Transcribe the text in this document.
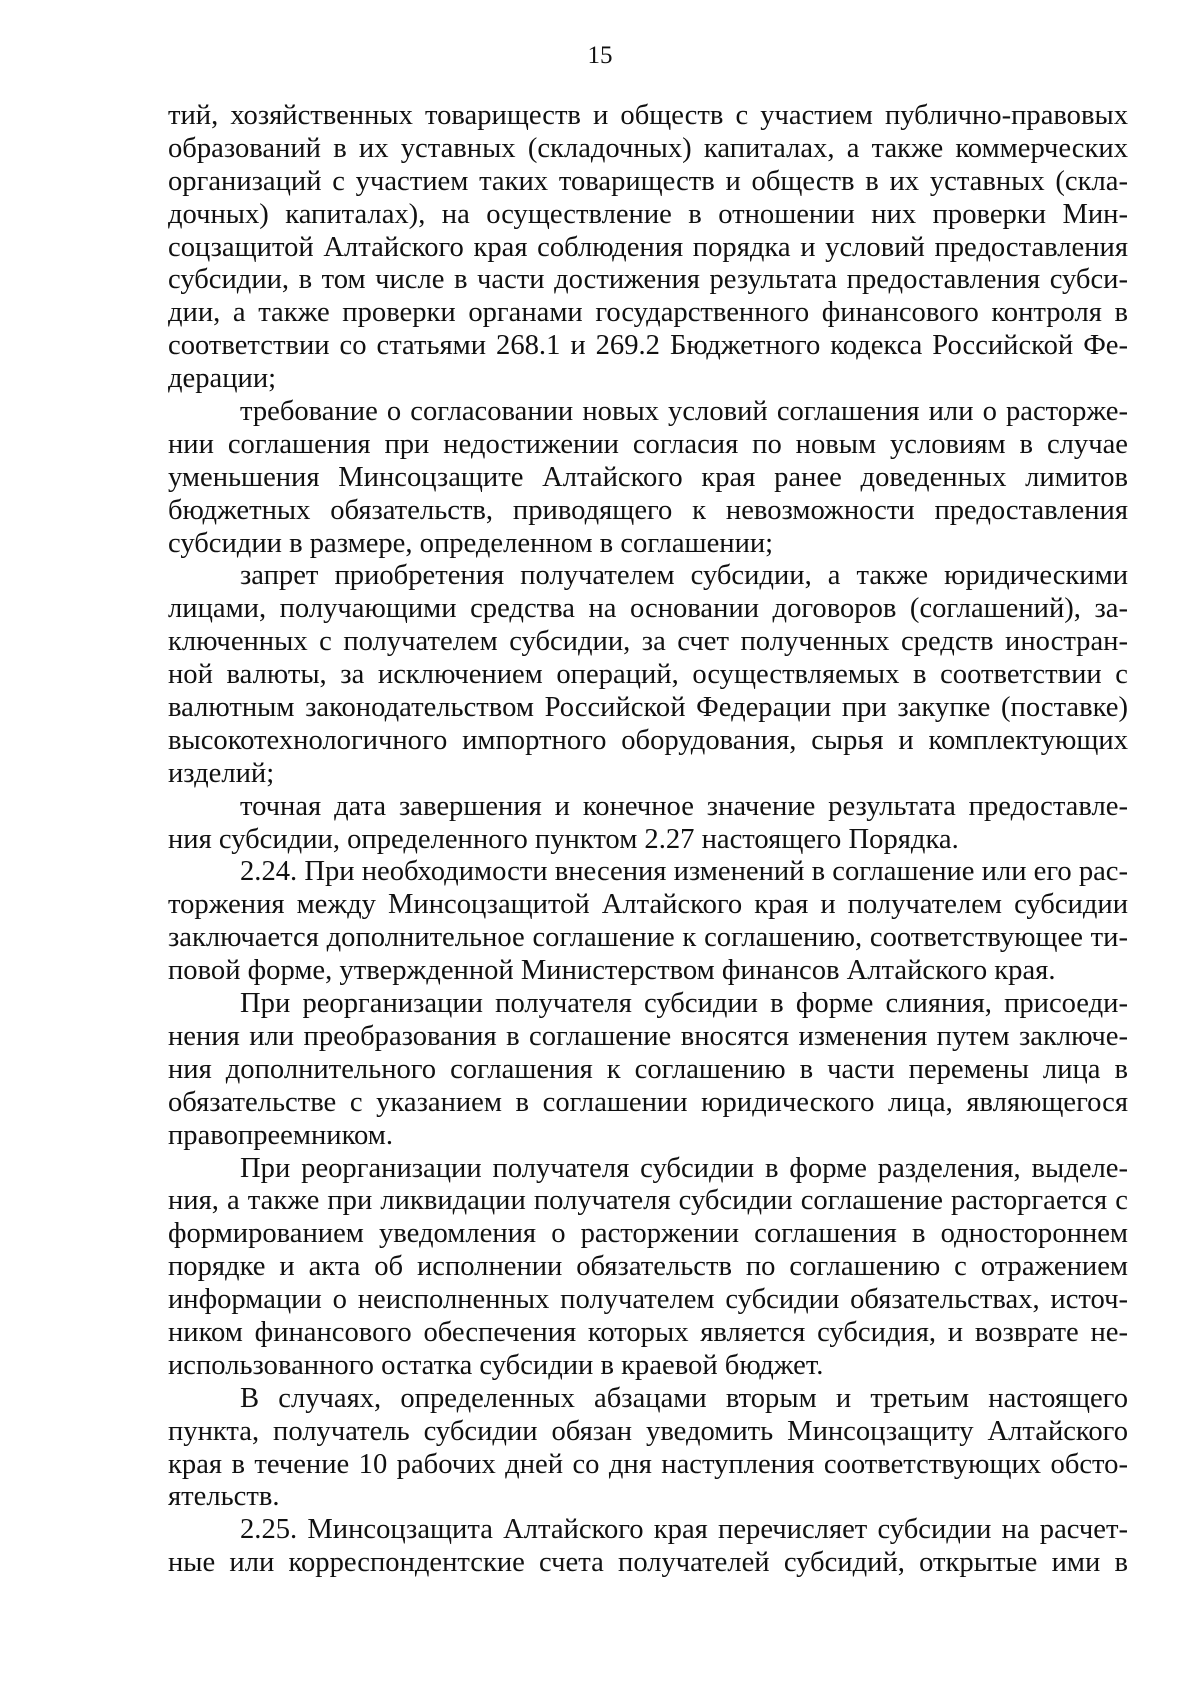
15
тий, хозяйственных товариществ и обществ с участием публично-правовых
образований в их уставных (складочных) капиталах, а также коммерческих
организаций с участием таких товариществ и обществ в их уставных (скла-
дочных) капиталах), на осуществление в отношении них проверки Мин-
соцзащитой Алтайского края соблюдения порядка и условий предоставления
субсидии, в том числе в части достижения результата предоставления субси-
дии, а также проверки органами государственного финансового контроля в
соответствии со статьями 268.1 и 269.2 Бюджетного кодекса Российской Фе-
дерации;
требование о согласовании новых условий соглашения или о расторже-
нии соглашения при недостижении согласия по новым условиям в случае
уменьшения Минсоцзащите Алтайского края ранее доведенных лимитов
бюджетных обязательств, приводящего к невозможности предоставления
субсидии в размере, определенном в соглашении;
запрет приобретения получателем субсидии, а также юридическими
лицами, получающими средства на основании договоров (соглашений), за-
ключенных с получателем субсидии, за счет полученных средств иностран-
ной валюты, за исключением операций, осуществляемых в соответствии с
валютным законодательством Российской Федерации при закупке (поставке)
высокотехнологичного импортного оборудования, сырья и комплектующих
изделий;
точная дата завершения и конечное значение результата предоставле-
ния субсидии, определенного пунктом 2.27 настоящего Порядка.
2.24. При необходимости внесения изменений в соглашение или его рас-
торжения между Минсоцзащитой Алтайского края и получателем субсидии
заключается дополнительное соглашение к соглашению, соответствующее ти-
повой форме, утвержденной Министерством финансов Алтайского края.
При реорганизации получателя субсидии в форме слияния, присоеди-
нения или преобразования в соглашение вносятся изменения путем заключе-
ния дополнительного соглашения к соглашению в части перемены лица в
обязательстве с указанием в соглашении юридического лица, являющегося
правопреемником.
При реорганизации получателя субсидии в форме разделения, выделе-
ния, а также при ликвидации получателя субсидии соглашение расторгается с
формированием уведомления о расторжении соглашения в одностороннем
порядке и акта об исполнении обязательств по соглашению с отражением
информации о неисполненных получателем субсидии обязательствах, источ-
ником финансового обеспечения которых является субсидия, и возврате не-
использованного остатка субсидии в краевой бюджет.
В случаях, определенных абзацами вторым и третьим настоящего
пункта, получатель субсидии обязан уведомить Минсоцзащиту Алтайского
края в течение 10 рабочих дней со дня наступления соответствующих обсто-
ятельств.
2.25. Минсоцзащита Алтайского края перечисляет субсидии на расчет-
ные или корреспондентские счета получателей субсидий, открытые ими в
